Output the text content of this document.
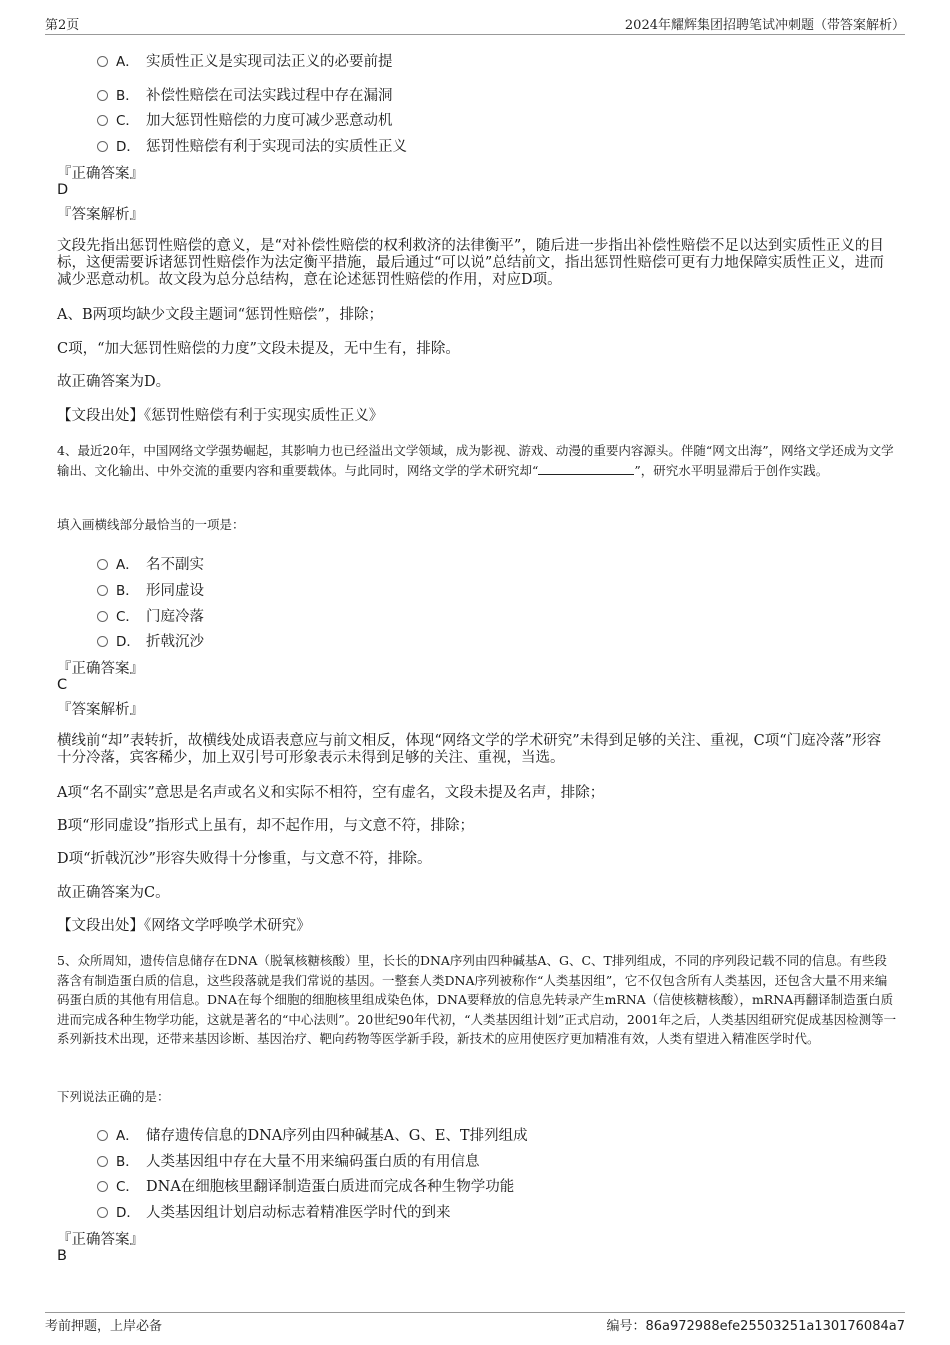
第2页	2024年耀辉集团招聘笔试冲刺题（带答案解析）
A． 实质性正义是实现司法正义的必要前提
B． 补偿性赔偿在司法实践过程中存在漏洞
C． 加大惩罚性赔偿的力度可减少恶意动机
D． 惩罚性赔偿有利于实现司法的实质性正义
『正确答案』
D
『答案解析』
文段先指出惩罚性赔偿的意义，是“对补偿性赔偿的权利救济的法律衡平”，随后进一步指出补偿性赔偿不足以达到实质性正义的目标，这便需要诉诸惩罚性赔偿作为法定衡平措施，最后通过“可以说”总结前文，指出惩罚性赔偿可更有力地保障实质性正义，进而减少恶意动机。故文段为总分总结构，意在论述惩罚性赔偿的作用，对应D项。
A、B两项均缺少文段主题词“惩罚性赔偿”，排除；
C项，“加大惩罚性赔偿的力度”文段未提及，无中生有，排除。
故正确答案为D。
【文段出处】《惩罚性赔偿有利于实现实质性正义》
4、最近20年，中国网络文学强势崛起，其影响力也已经溢出文学领域，成为影视、游戏、动漫的重要内容源头。伴随“网文出海”，网络文学还成为文学输出、文化输出、中外交流的重要内容和重要载体。与此同时，网络文学的学术研究却“	”，研究水平明显滞后于创作实践。
填入画横线部分最恰当的一项是：
A． 名不副实
B． 形同虚设
C． 门庭冷落
D． 折戟沉沙
『正确答案』
C
『答案解析』
横线前“却”表转折，故横线处成语表意应与前文相反，体现“网络文学的学术研究”未得到足够的关注、重视，C项“门庭冷落”形容十分冷落，宾客稀少，加上双引号可形象表示未得到足够的关注、重视，当选。
A项“名不副实”意思是名声或名义和实际不相符，空有虚名，文段未提及名声，排除；
B项“形同虚设”指形式上虽有，却不起作用，与文意不符，排除；
D项“折戟沉沙”形容失败得十分惨重，与文意不符，排除。
故正确答案为C。
【文段出处】《网络文学呼唤学术研究》
5、众所周知，遗传信息储存在DNA（脱氧核糖核酸）里，长长的DNA序列由四种碱基A、G、C、T排列组成，不同的序列段记载不同的信息。有些段落含有制造蛋白质的信息，这些段落就是我们常说的基因。一整套人类DNA序列被称作“人类基因组”，它不仅包含所有人类基因，还包含大量不用来编码蛋白质的其他有用信息。DNA在每个细胞的细胞核里组成染色体，DNA要释放的信息先转录产生mRNA（信使核糖核酸），mRNA再翻译制造蛋白质进而完成各种生物学功能，这就是著名的“中心法则”。20世纪90年代初，“人类基因组计划”正式启动，2001年之后，人类基因组研究促成基因检测等一系列新技术出现，还带来基因诊断、基因治疗、靶向药物等医学新手段，新技术的应用使医疗更加精准有效，人类有望进入精准医学时代。
下列说法正确的是：
A． 储存遗传信息的DNA序列由四种碱基A、G、E、T排列组成
B． 人类基因组中存在大量不用来编码蛋白质的有用信息
C． DNA在细胞核里翻译制造蛋白质进而完成各种生物学功能
D． 人类基因组计划启动标志着精准医学时代的到来
『正确答案』
B
考前押题，上岸必备	编号：86a972988efe25503251a130176084a7
